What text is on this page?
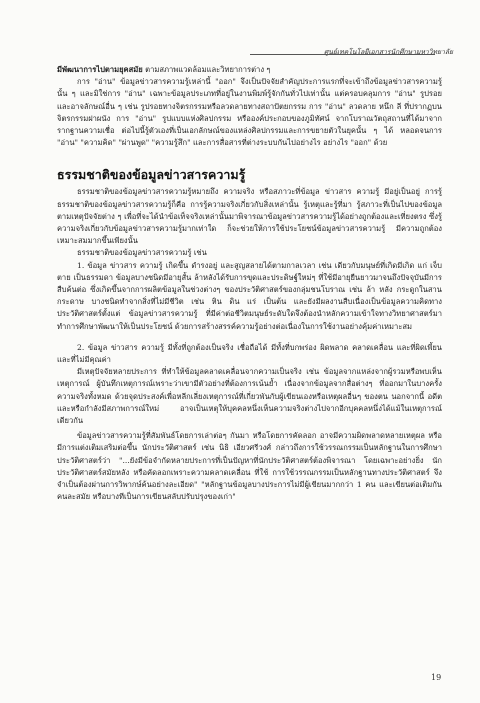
ศูนย์เทคโนโลยีเอกสารนักศึกษามหาวิทยาลัย

มีพัฒนาการไปตามยุคสมัย ตามสภาพแวดล้อมและวิทยาการต่าง ๆ

การ "อ่าน" ข้อมูลข่าวสารความรู้เหล่านี้ "ออก" จึงเป็นปัจจัยสำคัญประการแรกที่จะเข้าถึงข้อมูลข่าวสารความรู้นั้น ๆ และมิใช่การ "อ่าน" เฉพาะข้อมูลประเภทที่อยู่ในงานพิมพ์รู้จักกันทั่วไปเท่านั้น แต่ครอบคลุมการ "อ่าน" รูปรอยและอาจลักษณ์อื่น ๆ เช่น รูปรอยทางจิตรกรรมหรือลวดลายทางสถาปัตยกรรม การ "อ่าน" ลวดลาย หนึก ลี ที่ปรากฏบนจิตรกรรมฝาผนัง การ "อ่าน" รูปแบบแห่งศิลปกรรม หรือองค์ประกอบของภูมิทัศน์ จากโบราณวัตถุสถานที่ได้มาจากรากฐานความเชื่อ ต่อไปนี้รู้ตัวเองที่เป็นเอกลักษณ์ของแหล่งศิลปกรรมและการขยายตัวในยุคนั้น ๆ ได้ หลอดจนการ "อ่าน" "ความคิด" "ผ่านพูด" "ความรู้สึก" และการสื่อสารที่ต่างระบบกันไปอย่างไร อย่างไร "ออก" ด้วย

ธรรมชาติของข้อมูลข่าวสารความรู้

ธรรมชาติของข้อมูลข่าวสารความรู้หมายถึง ความจริง หรือสภาวะที่ข้อมูล ข่าวสาร ความรู้ มีอยู่เป็นอยู่ การรู้ธรรมชาติของข้อมูลข่าวสารความรู้ก็คือ การรู้ความจริงเกี่ยวกับสิ่งเหล่านั้น รู้เหตุและรู้ที่มา รู้สภาวะที่เป็นไปของข้อมูลตามเหตุปัจจัยต่าง ๆ เพื่อที่จะได้นำข้อเท็จจริงเหล่านั้นมาพิจารณาข้อมูลข่าวสารความรู้ได้อย่างถูกต้องและเที่ยงตรง ซึ่งรู้ความจริงเกี่ยวกับข้อมูลข่าวสารความรู้มากเท่าใด ก็จะช่วยให้การใช้ประโยชน์ข้อมูลข่าวสารความรู้ มีความถูกต้องเหมาะสมมากขึ้นเพียงนั้น

ธรรมชาติของข้อมูลข่าวสารความรู้ เช่น

1. ข้อมูล ข่าวสาร ความรู้ เกิดขึ้น ดำรงอยู่ และสูญสลายได้ตามกาลเวลา เช่น เดียวกับมนุษย์ที่เกิดมีเกิด แก่ เจ็บ ตาย เป็นธรรมดา ข้อมูลบางชนิดมีอายุสั้น ล้าหลังได้รับการขุดและประดิษฐ์ใหม่ๆ ที่ใช้มีอายุยืนยาวมาจนถึงปัจจุบันมีการสืบค้นต่อ ซึ่งเกิดขึ้นจากการผลิตข้อมูลในช่วงต่างๆ ของประวัติศาสตร์ของกลุ่มชนโบราณ เช่น ล้า หลัง กระดูกในสาน กระดาษ บางชนิดทำจากสิ่งที่ไม่มีชีวิต เช่น หิน ดิน แร่ เป็นต้น และยังมีผลงานสืบเนื่องเป็นข้อมูลความคิดทางประวัติศาสตร์ตั้งแต่ ข้อมูลข่าวสารความรู้ ที่มีค่าต่อชีวิตมนุษย์ระดับใดจึงต้องนำหลักความเข้าใจทางวิทยาศาสตร์มาทำการศึกษาพัฒนาให้เป็นประโยชน์ ด้วยการสร้างสรรค์ความรู้อย่างต่อเนื่องในการใช้งานอย่างคุ้มค่าเหมาะสม

2. ข้อมูล ข่าวสาร ความรู้ มีทั้งที่ถูกต้องเป็นจริง เชื่อถือได้ มีทั้งที่บกพร่อง ผิดพลาด คลาดเคลื่อน และที่ผิดเพี้ยน และที่ไม่มีคุณค่า

มีเหตุปัจจัยหลายประการ ที่ทำให้ข้อมูลคลาดเคลื่อนจากความเป็นจริง เช่น ข้อมูลจากแหล่งจากผู้รวมหรือพบเห็นเหตุการณ์ ผู้บันทึกเหตุการณ์เพราะว่าเขามีตัวอย่างที่ต้องการเน้นย้ำ เนื่องจากข้อมูลจากสื่อต่างๆ ที่ออกมาในบางครั้ง ความจริงทั้งหมด ด้วยจุดประสงค์เพื่อหลีกเลี่ยงเหตุการณ์ที่เกี่ยวพันกับผู้เขียนเองหรือเหตุผลอื่นๆ ของตน นอกจากนี้ อดีต และหรือกำลังมีสภาพการณ์ใหม่ อาจเป็นเหตุให้บุคคลหนึ่งเห็นความจริงต่างไปจากอีกบุคคลหนึ่งได้แม้ในเหตุการณ์เดียวกัน

ข้อมูลข่าวสารความรู้ที่สัมพันธ์โดยการเล่าต่อๆ กันมา หรือโดยการคัดลอก อาจมีความผิดพลาดหลายเหตุผล หรือมีการแต่งเติมเสริมต่อขึ้น นักประวัติศาสตร์ เช่น นิธิ เอียวศรีวงศ์ กล่าวถึงการใช้วรรณกรรมเป็นหลักฐานในการศึกษาประวัติศาสตร์ว่า "...ยังมีข้อจำกัดหลายประการที่เป็นปัญหาที่นักประวัติศาสตร์ต้องพิจารณา โดยเฉพาะอย่างยิ่ง นักประวัติศาสตร์สมัยหลัง หรือคัดลอกเพราะความคลาดเคลื่อน ที่ใช้ การใช้วรรณกรรมเป็นหลักฐานทางประวัติศาสตร์ จึงจำเป็นต้องผ่านการวิพากษ์ค้นอย่างละเอียด" "หลักฐานข้อมูลบางประการไม่มีผู้เขียนมากกว่า 1 คน และเขียนต่อเติมกันคนละสมัย หรือบางทีเป็นการเขียนสลับปรับปรุงของเก่า"

19
